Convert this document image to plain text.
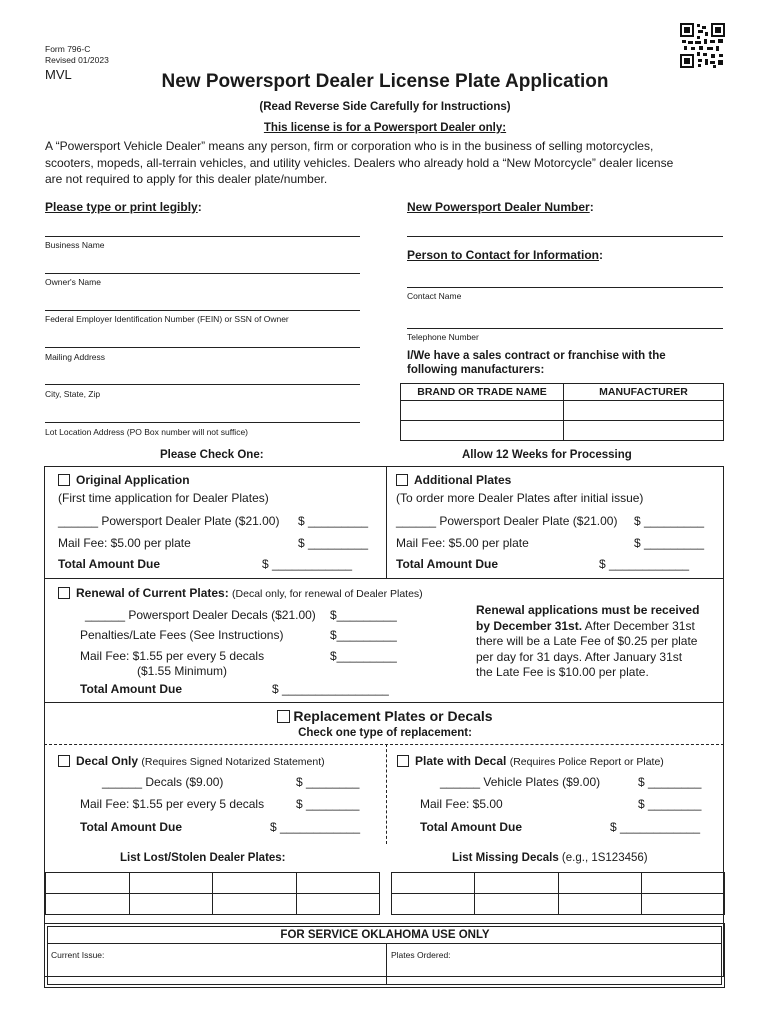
Form 796-C
Revised 01/2023
MVL	New Powersport Dealer License Plate Application
(Read Reverse Side Carefully for Instructions)
This license is for a Powersport Dealer only:
A “Powersport Vehicle Dealer” means any person, firm or corporation who is in the business of selling motorcycles,
scooters, mopeds, all-terrain vehicles, and utility vehicles. Dealers who already hold a “New Motorcycle” dealer license
are not required to apply for this dealer plate/number.
Please type or print legibly:
Business Name
Owner's Name
Federal Employer Identification Number (FEIN) or SSN of Owner
Mailing Address
City, State, Zip
Lot Location Address (PO Box number will not suffice)
New Powersport Dealer Number:
Person to Contact for Information:
Contact Name
Telephone Number
I/We have a sales contract or franchise with the
following manufacturers:
BRAND OR TRADE NAME	MANUFACTURER

Please Check One:	Allow 12 Weeks for Processing
Original Application
(First time application for Dealer Plates)
______ Powersport Dealer Plate ($21.00) $ _________
Mail Fee: $5.00 per plate	$ _________
Total Amount Due	$ ____________
Additional Plates
(To order more Dealer Plates after initial issue)
______ Powersport Dealer Plate ($21.00) $ _________
Mail Fee: $5.00 per plate	$ _________
Total Amount Due	$ ____________
Renewal of Current Plates: (Decal only, for renewal of Dealer Plates)
______ Powersport Dealer Decals ($21.00) $_________
Penalties/Late Fees (See Instructions)	$_________
Mail Fee: $1.55 per every 5 decals	$_________
($1.55 Minimum)
Total Amount Due	$ ________________
Renewal applications must be received
by December 31st. After December 31st
there will be a Late Fee of $0.25 per plate
per day for 31 days. After January 31st
the Late Fee is $10.00 per plate.
Replacement Plates or Decals
Check one type of replacement:
Decal Only (Requires Signed Notarized Statement)
______ Decals ($9.00)	$ ________
Mail Fee: $1.55 per every 5 decals	$ ________
Total Amount Due	$ ____________
Plate with Decal (Requires Police Report or Plate)
______ Vehicle Plates ($9.00)	$ ________
Mail Fee: $5.00	$ ________
Total Amount Due	$ ____________
List Lost/Stolen Dealer Plates:	List Missing Decals (e.g., 1S123456)

FOR SERVICE OKLAHOMA USE ONLY
Current Issue:	Plates Ordered:
